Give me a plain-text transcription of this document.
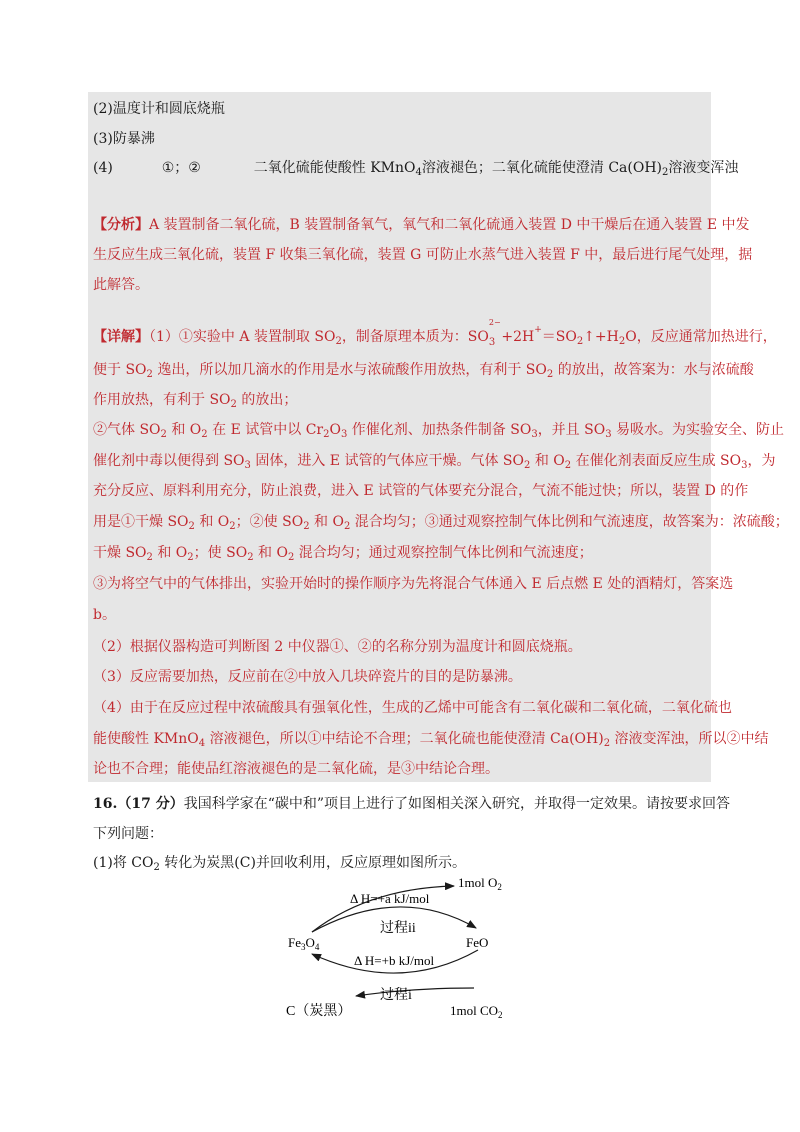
(2)温度计和圆底烧瓶
(3)防暴沸
(4)	①；②	二氧化硫能使酸性 KMnO$_4$溶液褪色；二氧化硫能使澄清 $Ca(OH)_2$溶液变浑浊
【分析】A 装置制备二氧化硫，B 装置制备氧气，氧气和二氧化硫通入装置 D 中干燥后在通入装置 E 中发
生反应生成三氧化硫，装置 F 收集三氧化硫，装置 G 可防止水蒸气进入装置 F 中，最后进行尾气处理，据
此解答。
【详解】（1）①实验中 A 装置制取 $SO_2$，制备原理本质为：SO 3
2−
$+2H^+=SO_2↑+H_2O$，反应通常加热进行，
便于 $SO_2$ 逸出，所以加几滴水的作用是水与浓硫酸作用放热，有利于 $SO_2$ 的放出，故答案为：水与浓硫酸
作用放热，有利于 $SO_2$ 的放出；
②气体 $SO_2$ 和 $O_2$ 在 E 试管中以 $Cr_2O_3$ 作催化剂、加热条件制备 $SO_3$，并且 $SO_3$ 易吸水。为实验安全、防止
催化剂中毒以便得到 $SO_3$ 固体，进入 E 试管的气体应干燥。气体 $SO_2$ 和 $O_2$ 在催化剂表面反应生成 $SO_3$，为
充分反应、原料利用充分，防止浪费，进入 E 试管的气体要充分混合，气流不能过快；所以，装置 D 的作
用是①干燥 $SO_2$ 和 $O_2$；②使 $SO_2$ 和 $O_2$ 混合均匀；③通过观察控制气体比例和气流速度，故答案为：浓硫酸；
干燥 $SO_2$ 和 $O_2$；使 $SO_2$ 和 $O_2$ 混合均匀；通过观察控制气体比例和气流速度；
③为将空气中的气体排出，实验开始时的操作顺序为先将混合气体通入 E 后点燃 E 处的酒精灯，答案选
b。
（2）根据仪器构造可判断图 2 中仪器①、②的名称分别为温度计和圆底烧瓶。
（3）反应需要加热，反应前在②中放入几块碎瓷片的目的是防暴沸。
（4）由于在反应过程中浓硫酸具有强氧化性，生成的乙烯中可能含有二氧化碳和二氧化硫，二氧化硫也
能使酸性 KMnO$_4$ 溶液褪色，所以①中结论不合理；二氧化硫也能使澄清 $Ca(OH)_2$ 溶液变浑浊，所以②中结
论也不合理；能使品红溶液褪色的是二氧化硫，是③中结论合理。
16.（17 分）我国科学家在“碳中和”项目上进行了如图相关深入研究，并取得一定效果。请按要求回答
下列问题：
(1)将 $CO_2$ 转化为炭黑(C)并回收利用，反应原理如图所示。
1mol $O_2$
Δ H=+a kJ/mol
过程ii
$Fe_3O_4$	FeO
Δ H=+b kJ/mol
过程i
C（炭黑）	1mol $CO_2$
